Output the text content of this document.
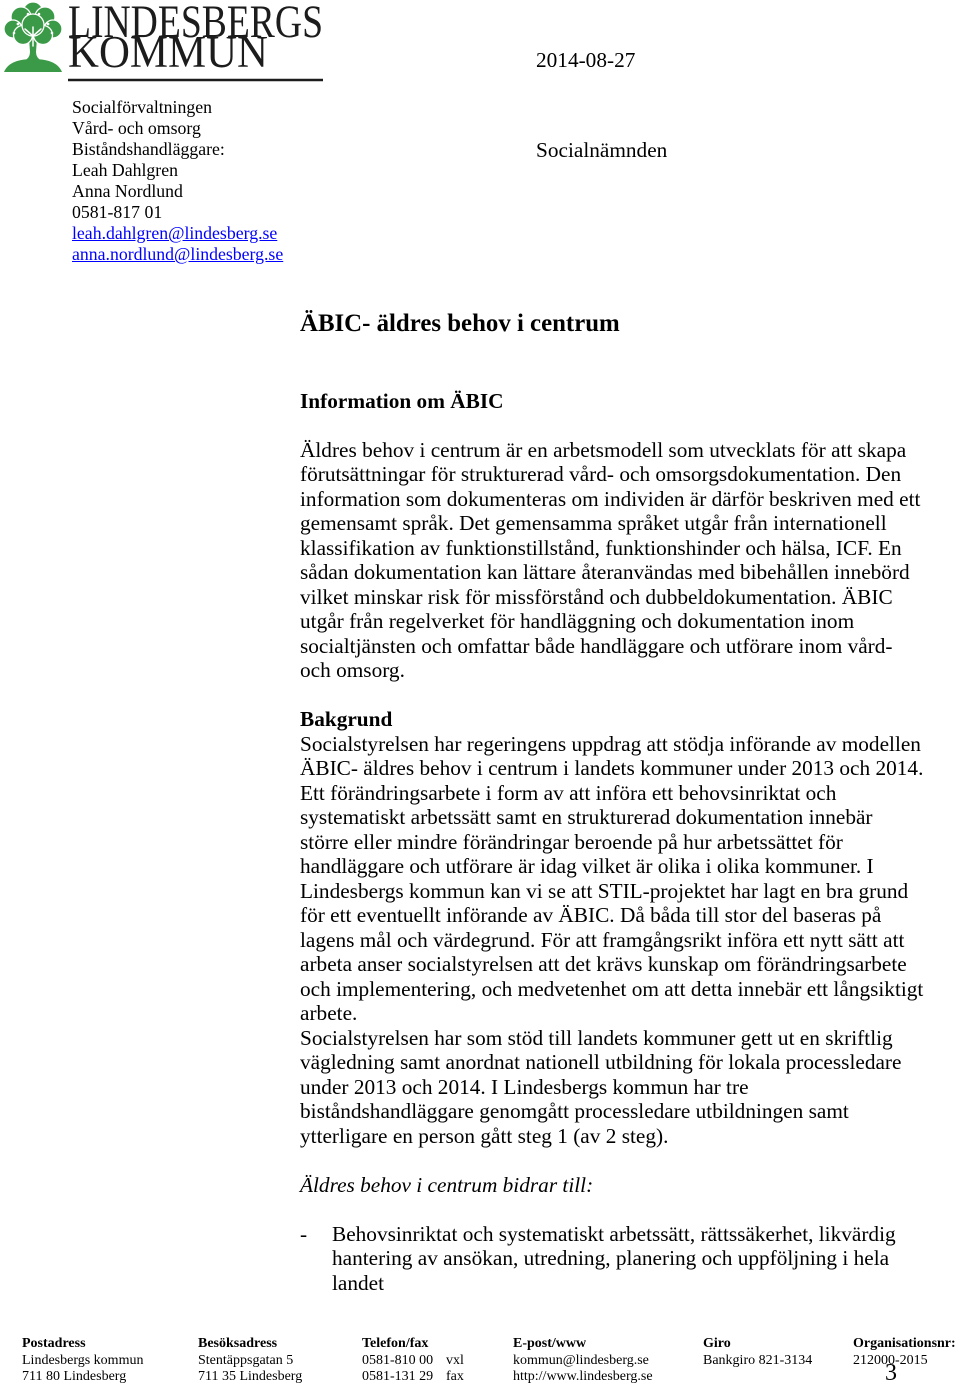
LINDESBERGS
KOMMUN	2014-08-27
Socialnämnden
Socialförvaltningen
Vård- och omsorg
Biståndshandläggare:
Leah Dahlgren
Anna Nordlund
0581-817 01
leah.dahlgren@lindesberg.se
anna.nordlund@lindesberg.se
ÄBIC- äldres behov i centrum
Information om ÄBIC
Äldres behov i centrum är en arbetsmodell som utvecklats för att skapa
förutsättningar för strukturerad vård- och omsorgsdokumentation. Den
information som dokumenteras om individen är därför beskriven med ett
gemensamt språk. Det gemensamma språket utgår från internationell
klassifikation av funktionstillstånd, funktionshinder och hälsa, ICF. En
sådan dokumentation kan lättare återanvändas med bibehållen innebörd
vilket minskar risk för missförstånd och dubbeldokumentation. ÄBIC
utgår från regelverket för handläggning och dokumentation inom
socialtjänsten och omfattar både handläggare och utförare inom vård-
och omsorg.
Bakgrund
Socialstyrelsen har regeringens uppdrag att stödja införande av modellen
ÄBIC- äldres behov i centrum i landets kommuner under 2013 och 2014.
Ett förändringsarbete i form av att införa ett behovsinriktat och
systematiskt arbetssätt samt en strukturerad dokumentation innebär
större eller mindre förändringar beroende på hur arbetssättet för
handläggare och utförare är idag vilket är olika i olika kommuner. I
Lindesbergs kommun kan vi se att STIL-projektet har lagt en bra grund
för ett eventuellt införande av ÄBIC. Då båda till stor del baseras på
lagens mål och värdegrund. För att framgångsrikt införa ett nytt sätt att
arbeta anser socialstyrelsen att det krävs kunskap om förändringsarbete
och implementering, och medvetenhet om att detta innebär ett långsiktigt
arbete.
Socialstyrelsen har som stöd till landets kommuner gett ut en skriftlig
vägledning samt anordnat nationell utbildning för lokala processledare
under 2013 och 2014. I Lindesbergs kommun har tre
biståndshandläggare genomgått processledare utbildningen samt
ytterligare en person gått steg 1 (av 2 steg).
Äldres behov i centrum bidrar till:
- Behovsinriktat och systematiskt arbetssätt, rättssäkerhet, likvärdig
hantering av ansökan, utredning, planering och uppföljning i hela
landet
Postadress
Lindesbergs kommun
711 80 Lindesberg
Besöksadress
Stentäppsgatan 5
711 35 Lindesberg
Telefon/fax
0581-810 00 vxl
0581-131 29 fax
E-post/www
kommun@lindesberg.se
http://www.lindesberg.se
Giro
Bankgiro 821-3134
Organisationsnr:
212000-2015
3
